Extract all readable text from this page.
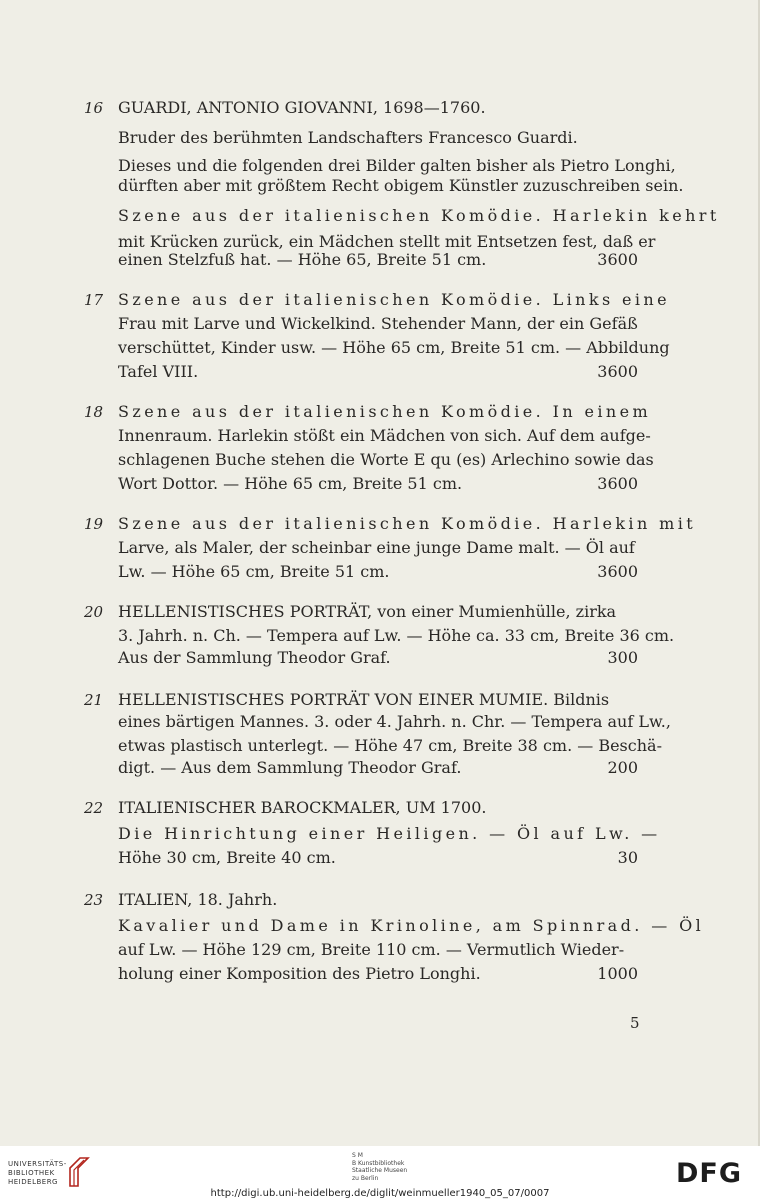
16 GUARDI, ANTONIO GIOVANNI, 1698—1760.
Dieses und die folgenden drei Bilder galten bisher als Pietro Longhi,
Bruder des berühmten Landschafters Francesco Guardi.
dürften aber mit größtem Recht obigem Künstler zuzuschreiben sein.
Szene aus der italienischen Komödie. Harlekin kehrt
mit Krücken zurück, ein Mädchen stellt mit Entsetzen fest, daß er
einen Stelzfuß hat. — Höhe 65, Breite 51 cm.	3600
17 Szene aus der italienischen Komödie. Links eine
Frau mit Larve und Wickelkind. Stehender Mann, der ein Gefäß
verschüttet, Kinder usw. — Höhe 65 cm, Breite 51 cm. — Abbildung
Tafel VIII.	3600
18 Szene aus der italienischen Komödie. In einem
Innenraum. Harlekin stößt ein Mädchen von sich. Auf dem aufge-
schlagenen Buche stehen die Worte E qu (es) Arlechino sowie das
Wort Dottor. — Höhe 65 cm, Breite 51 cm.	3600
19 Szene aus der italienischen Komödie. Harlekin mit
Larve, als Maler, der scheinbar eine junge Dame malt. — Öl auf
Lw. — Höhe 65 cm, Breite 51 cm.	3600
20 HELLENISTISCHES PORTRÄT, von einer Mumienhülle, zirka
3. Jahrh. n. Ch. — Tempera auf Lw. — Höhe ca. 33 cm, Breite 36 cm.
Aus der Sammlung Theodor Graf.	300
21 HELLENISTISCHES PORTRÄT VON EINER MUMIE. Bildnis
eines bärtigen Mannes. 3. oder 4. Jahrh. n. Chr. — Tempera auf Lw.,
etwas plastisch unterlegt. — Höhe 47 cm, Breite 38 cm. — Beschä-
digt. — Aus dem Sammlung Theodor Graf.	200
22 ITALIENISCHER BAROCKMALER, UM 1700.
Die Hinrichtung einer Heiligen. — Öl auf Lw. —
Höhe 30 cm, Breite 40 cm.	30
23 ITALIEN, 18. Jahrh.
Kavalier und Dame in Krinoline, am Spinnrad. — Öl
auf Lw. — Höhe 129 cm, Breite 110 cm. — Vermutlich Wieder-
holung einer Komposition des Pietro Longhi.	1000
5
UNIVERSITÄTS-
BIBLIOTHEK
HEIDELBERG
S M
B Kunstbibliothek
Staatliche Museen
zu Berlin	DFG
http://digi.ub.uni-heidelberg.de/diglit/weinmueller1940_05_07/0007
